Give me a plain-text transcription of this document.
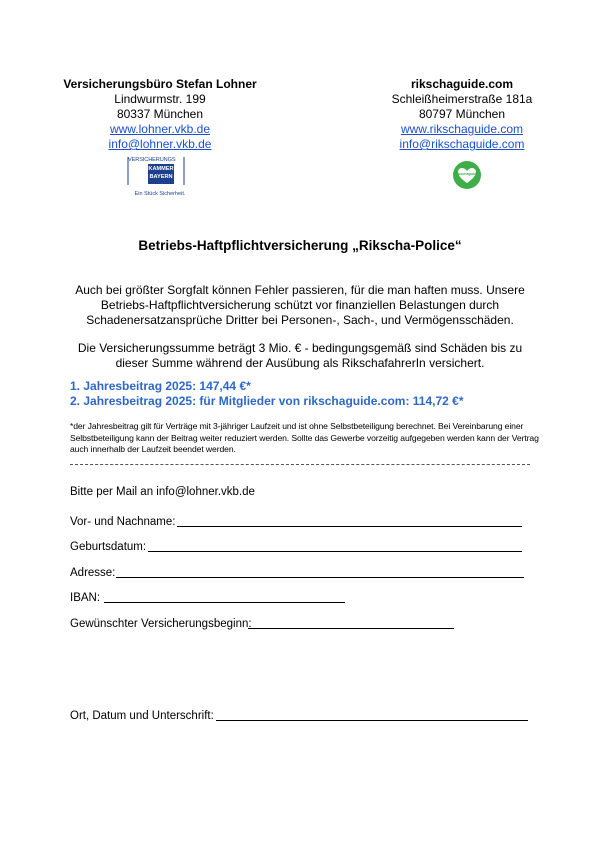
Versicherungsbüro Stefan Lohner
Lindwurmstr. 199
80337 München
www.lohner.vkb.de
info@lohner.vkb.de
VERSICHERUNGS
KAMMER
BAYERN
Ein Stück Sicherheit.
rikschaguide.com
Schleißheimerstraße 181a
80797 München
www.rikschaguide.com
info@rikschaguide.com
rikschaguide
Betriebs-Haftpflichtversicherung „Rikscha-Police“
Auch bei größter Sorgfalt können Fehler passieren, für die man haften muss. Unsere Betriebs-Haftpflichtversicherung schützt vor finanziellen Belastungen durch Schadenersatzansprüche Dritter bei Personen-, Sach-, und Vermögensschäden.
Die Versicherungssumme beträgt 3 Mio. € - bedingungsgemäß sind Schäden bis zu dieser Summe während der Ausübung als RikschafahrerIn versichert.
1. Jahresbeitrag 2025: 147,44 €*
2. Jahresbeitrag 2025: für Mitglieder von rikschaguide.com: 114,72 €*
*der Jahresbeitrag gilt für Verträge mit 3-jähriger Laufzeit und ist ohne Selbstbeteiligung berechnet. Bei Vereinbarung einer Selbstbeteiligung kann der Beitrag weiter reduziert werden. Sollte das Gewerbe vorzeitig aufgegeben werden kann der Vertrag auch innerhalb der Laufzeit beendet werden.
Bitte per Mail an info@lohner.vkb.de
Vor- und Nachname:
Geburtsdatum:
Adresse:
IBAN:
Gewünschter Versicherungsbeginn:
Ort, Datum und Unterschrift:
